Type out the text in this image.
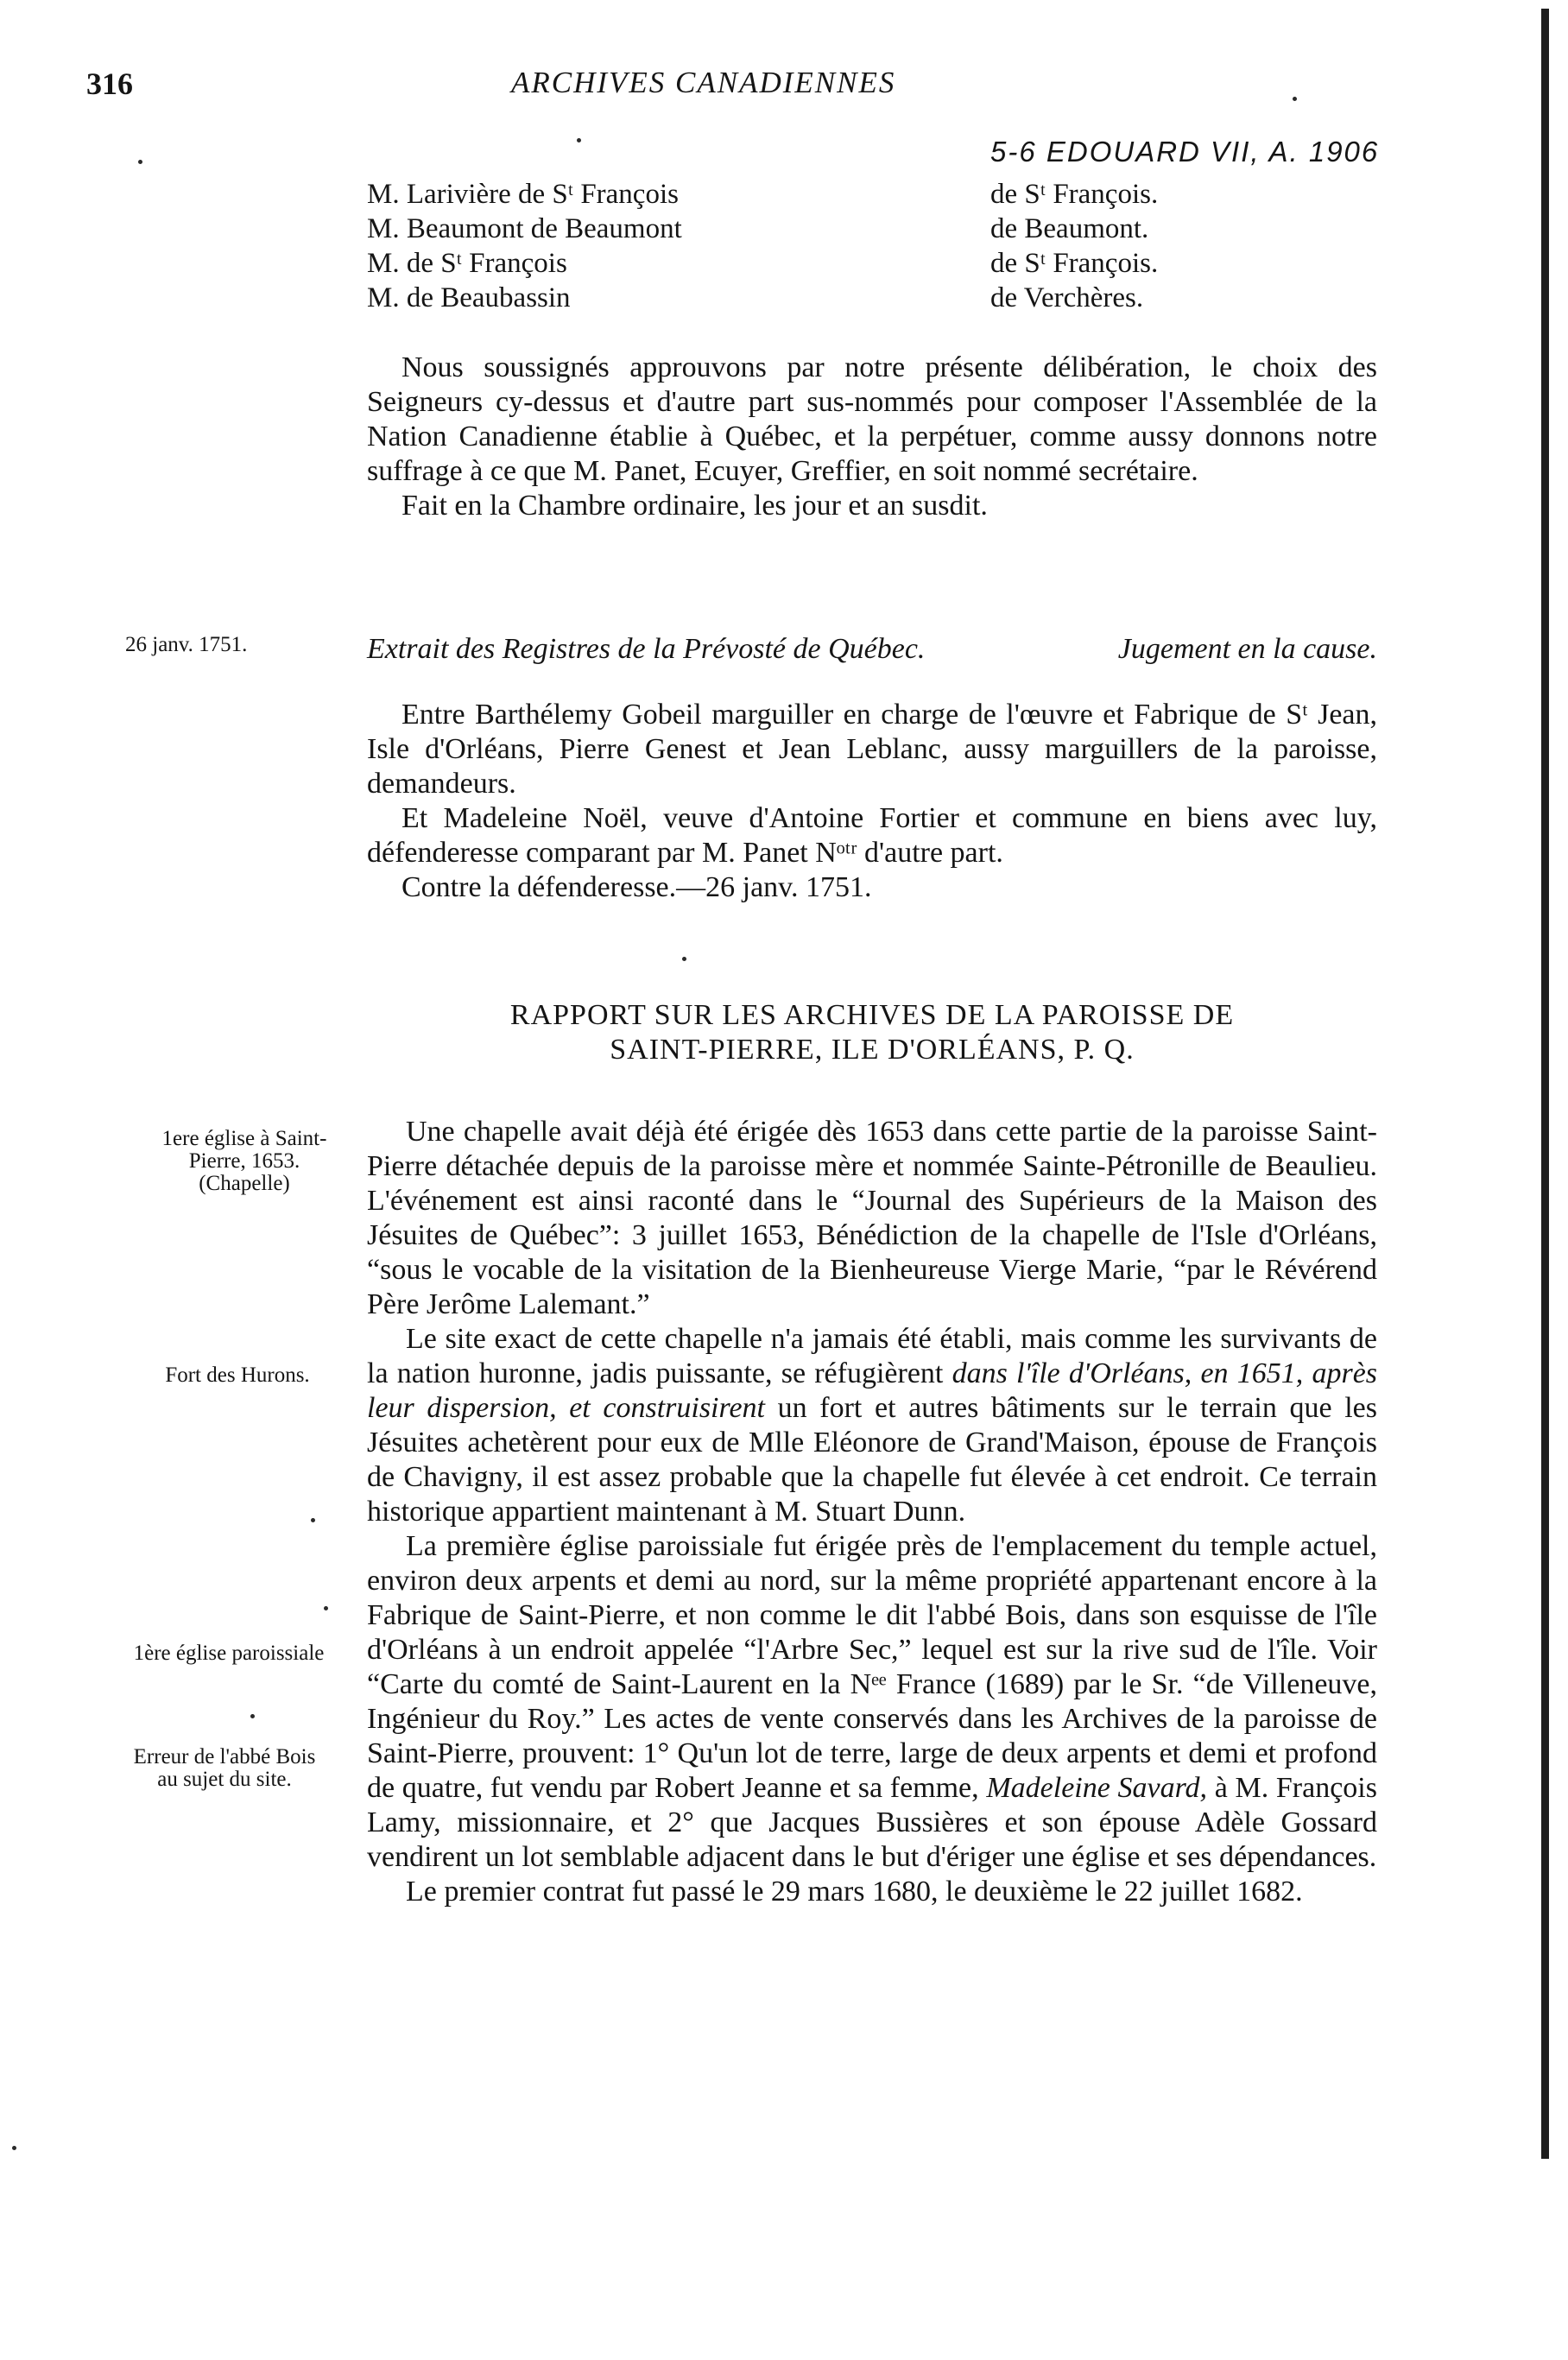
316	ARCHIVES CANADIENNES
5-6 EDOUARD VII, A. 1906
M. Larivière de Sᵗ François	de Sᵗ François.
M. Beaumont de Beaumont	de Beaumont.
M. de Sᵗ François	de Sᵗ François.
M. de Beaubassin	de Verchères.

Nous soussignés approuvons par notre présente délibération, le choix des Seigneurs cy-dessus et d'autre part sus-nommés pour composer l'Assemblée de la Nation Canadienne établie à Québec, et la perpétuer, comme aussy donnons notre suffrage à ce que M. Panet, Ecuyer, Greffier, en soit nommé secrétaire.

Fait en la Chambre ordinaire, les jour et an susdit.

26 janv. 1751.	Extrait des Registres de la Prévosté de Québec.	Jugement en la cause.

Entre Barthélemy Gobeil marguiller en charge de l'œuvre et Fabrique de Sᵗ Jean, Isle d'Orléans, Pierre Genest et Jean Leblanc, aussy marguillers de la paroisse, demandeurs.

Et Madeleine Noël, veuve d'Antoine Fortier et commune en biens avec luy, défenderesse comparant par M. Panet Nᵒᵗʳ d'autre part.

Contre la défenderesse.—26 janv. 1751.

RAPPORT SUR LES ARCHIVES DE LA PAROISSE DE
SAINT-PIERRE, ILE D'ORLÉANS, P. Q.
1ere église à Saint-
Pierre, 1653.
(Chapelle)
Fort des Hurons.
1ère église paroissiale
Erreur de l'abbé Bois
au sujet du site.

Une chapelle avait déjà été érigée dès 1653 dans cette partie de la paroisse Saint-Pierre détachée depuis de la paroisse mère et nommée Sainte-Pétronille de Beaulieu. L'événement est ainsi raconté dans le “Journal des Supérieurs de la Maison des Jésuites de Québec”: 3 juillet 1653, Bénédiction de la chapelle de l'Isle d'Orléans, “sous le vocable de la visitation de la Bienheureuse Vierge Marie, “par le Révérend Père Jerôme Lalemant.”

Le site exact de cette chapelle n'a jamais été établi, mais comme les survivants de la nation huronne, jadis puissante, se réfugièrent dans l'île d'Orléans, en 1651, après leur dispersion, et construisirent un fort et autres bâtiments sur le terrain que les Jésuites achetèrent pour eux de Mlle Eléonore de Grand'Maison, épouse de François de Chavigny, il est assez probable que la chapelle fut élevée à cet endroit. Ce terrain historique appartient maintenant à M. Stuart Dunn.

La première église paroissiale fut érigée près de l'emplacement du temple actuel, environ deux arpents et demi au nord, sur la même propriété appartenant encore à la Fabrique de Saint-Pierre, et non comme le dit l'abbé Bois, dans son esquisse de l'île d'Orléans à un endroit appelée “l'Arbre Sec,” lequel est sur la rive sud de l'île. Voir “Carte du comté de Saint-Laurent en la Nᵉᵉ France (1689) par le Sr. “de Villeneuve, Ingénieur du Roy.” Les actes de vente conservés dans les Archives de la paroisse de Saint-Pierre, prouvent: 1° Qu'un lot de terre, large de deux arpents et demi et profond de quatre, fut vendu par Robert Jeanne et sa femme, Madeleine Savard, à M. François Lamy, missionnaire, et 2° que Jacques Bussières et son épouse Adèle Gossard vendirent un lot semblable adjacent dans le but d'ériger une église et ses dépendances.

Le premier contrat fut passé le 29 mars 1680, le deuxième le 22 juillet 1682.
